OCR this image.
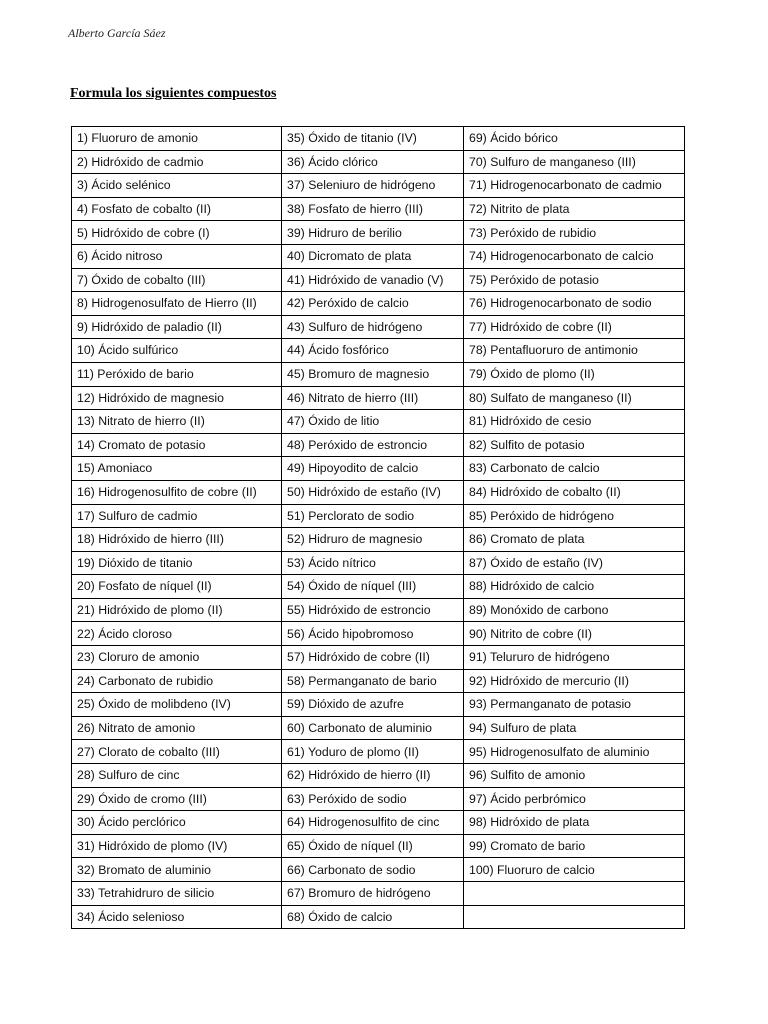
Alberto García Sáez
Formula los siguientes compuestos
1) Fluoruro de amonio	35) Óxido de titanio (IV)	69) Ácido bórico
2) Hidróxido de cadmio	36) Ácido clórico	70) Sulfuro de manganeso (III)
3) Ácido selénico	37) Seleniuro de hidrógeno	71) Hidrogenocarbonato de cadmio
4) Fosfato de cobalto (II)	38) Fosfato de hierro (III)	72) Nitrito de plata
5) Hidróxido de cobre (I)	39) Hidruro de berilio	73) Peróxido de rubidio
6) Ácido nitroso	40) Dicromato de plata	74) Hidrogenocarbonato de calcio
7) Óxido de cobalto (III)	41) Hidróxido de vanadio (V)	75) Peróxido de potasio
8) Hidrogenosulfato de Hierro (II)	42) Peróxido de calcio	76) Hidrogenocarbonato de sodio
9) Hidróxido de paladio (II)	43) Sulfuro de hidrógeno	77) Hidróxido de cobre (II)
10) Ácido sulfúrico	44) Ácido fosfórico	78) Pentafluoruro de antimonio
11) Peróxido de bario	45) Bromuro de magnesio	79) Óxido de plomo (II)
12) Hidróxido de magnesio	46) Nitrato de hierro (III)	80) Sulfato de manganeso (II)
13) Nitrato de hierro (II)	47) Óxido de litio	81) Hidróxido de cesio
14) Cromato de potasio	48) Peróxido de estroncio	82) Sulfito de potasio
15) Amoniaco	49) Hipoyodito de calcio	83) Carbonato de calcio
16) Hidrogenosulfito de cobre (II)	50) Hidróxido de estaño (IV)	84) Hidróxido de cobalto (II)
17) Sulfuro de cadmio	51) Perclorato de sodio	85) Peróxido de hidrógeno
18) Hidróxido de hierro (III)	52) Hidruro de magnesio	86) Cromato de plata
19) Dióxido de titanio	53) Ácido nítrico	87) Óxido de estaño (IV)
20) Fosfato de níquel (II)	54) Óxido de níquel (III)	88) Hidróxido de calcio
21) Hidróxido de plomo (II)	55) Hidróxido de estroncio	89) Monóxido de carbono
22) Ácido cloroso	56) Ácido hipobromoso	90) Nitrito de cobre (II)
23) Cloruro de amonio	57) Hidróxido de cobre (II)	91) Telururo de hidrógeno
24) Carbonato de rubidio	58) Permanganato de bario	92) Hidróxido de mercurio (II)
25) Óxido de molibdeno (IV)	59) Dióxido de azufre	93) Permanganato de potasio
26) Nitrato de amonio	60) Carbonato de aluminio	94) Sulfuro de plata
27) Clorato de cobalto (III)	61) Yoduro de plomo (II)	95) Hidrogenosulfato de aluminio
28) Sulfuro de cinc	62) Hidróxido de hierro (II)	96) Sulfito de amonio
29) Óxido de cromo (III)	63) Peróxido de sodio	97) Ácido perbrómico
30) Ácido perclórico	64) Hidrogenosulfito de cinc	98) Hidróxido de plata
31) Hidróxido de plomo (IV)	65) Óxido de níquel (II)	99) Cromato de bario
32) Bromato de aluminio	66) Carbonato de sodio	100) Fluoruro de calcio
33) Tetrahidruro de silicio	67) Bromuro de hidrógeno	
34) Ácido selenioso	68) Óxido de calcio	
